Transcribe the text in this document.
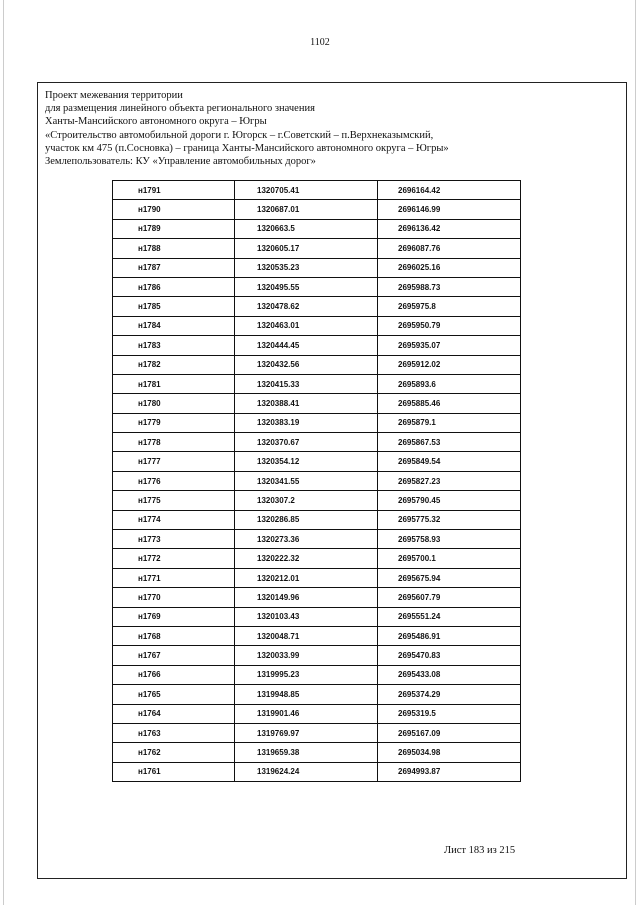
1102
Проект межевания территории
для размещения линейного объекта регионального значения
Ханты-Мансийского автономного округа – Югры
«Строительство автомобильной дороги г. Югорск – г.Советский – п.Верхнеказымский,
участок км 475 (п.Сосновка) – граница Ханты-Мансийского автономного округа – Югры»
Землепользователь: КУ «Управление автомобильных дорог»
н1791	1320705.41	2696164.42
н1790	1320687.01	2696146.99
н1789	1320663.5	2696136.42
н1788	1320605.17	2696087.76
н1787	1320535.23	2696025.16
н1786	1320495.55	2695988.73
н1785	1320478.62	2695975.8
н1784	1320463.01	2695950.79
н1783	1320444.45	2695935.07
н1782	1320432.56	2695912.02
н1781	1320415.33	2695893.6
н1780	1320388.41	2695885.46
н1779	1320383.19	2695879.1
н1778	1320370.67	2695867.53
н1777	1320354.12	2695849.54
н1776	1320341.55	2695827.23
н1775	1320307.2	2695790.45
н1774	1320286.85	2695775.32
н1773	1320273.36	2695758.93
н1772	1320222.32	2695700.1
н1771	1320212.01	2695675.94
н1770	1320149.96	2695607.79
н1769	1320103.43	2695551.24
н1768	1320048.71	2695486.91
н1767	1320033.99	2695470.83
н1766	1319995.23	2695433.08
н1765	1319948.85	2695374.29
н1764	1319901.46	2695319.5
н1763	1319769.97	2695167.09
н1762	1319659.38	2695034.98
н1761	1319624.24	2694993.87
Лист 183 из 215
